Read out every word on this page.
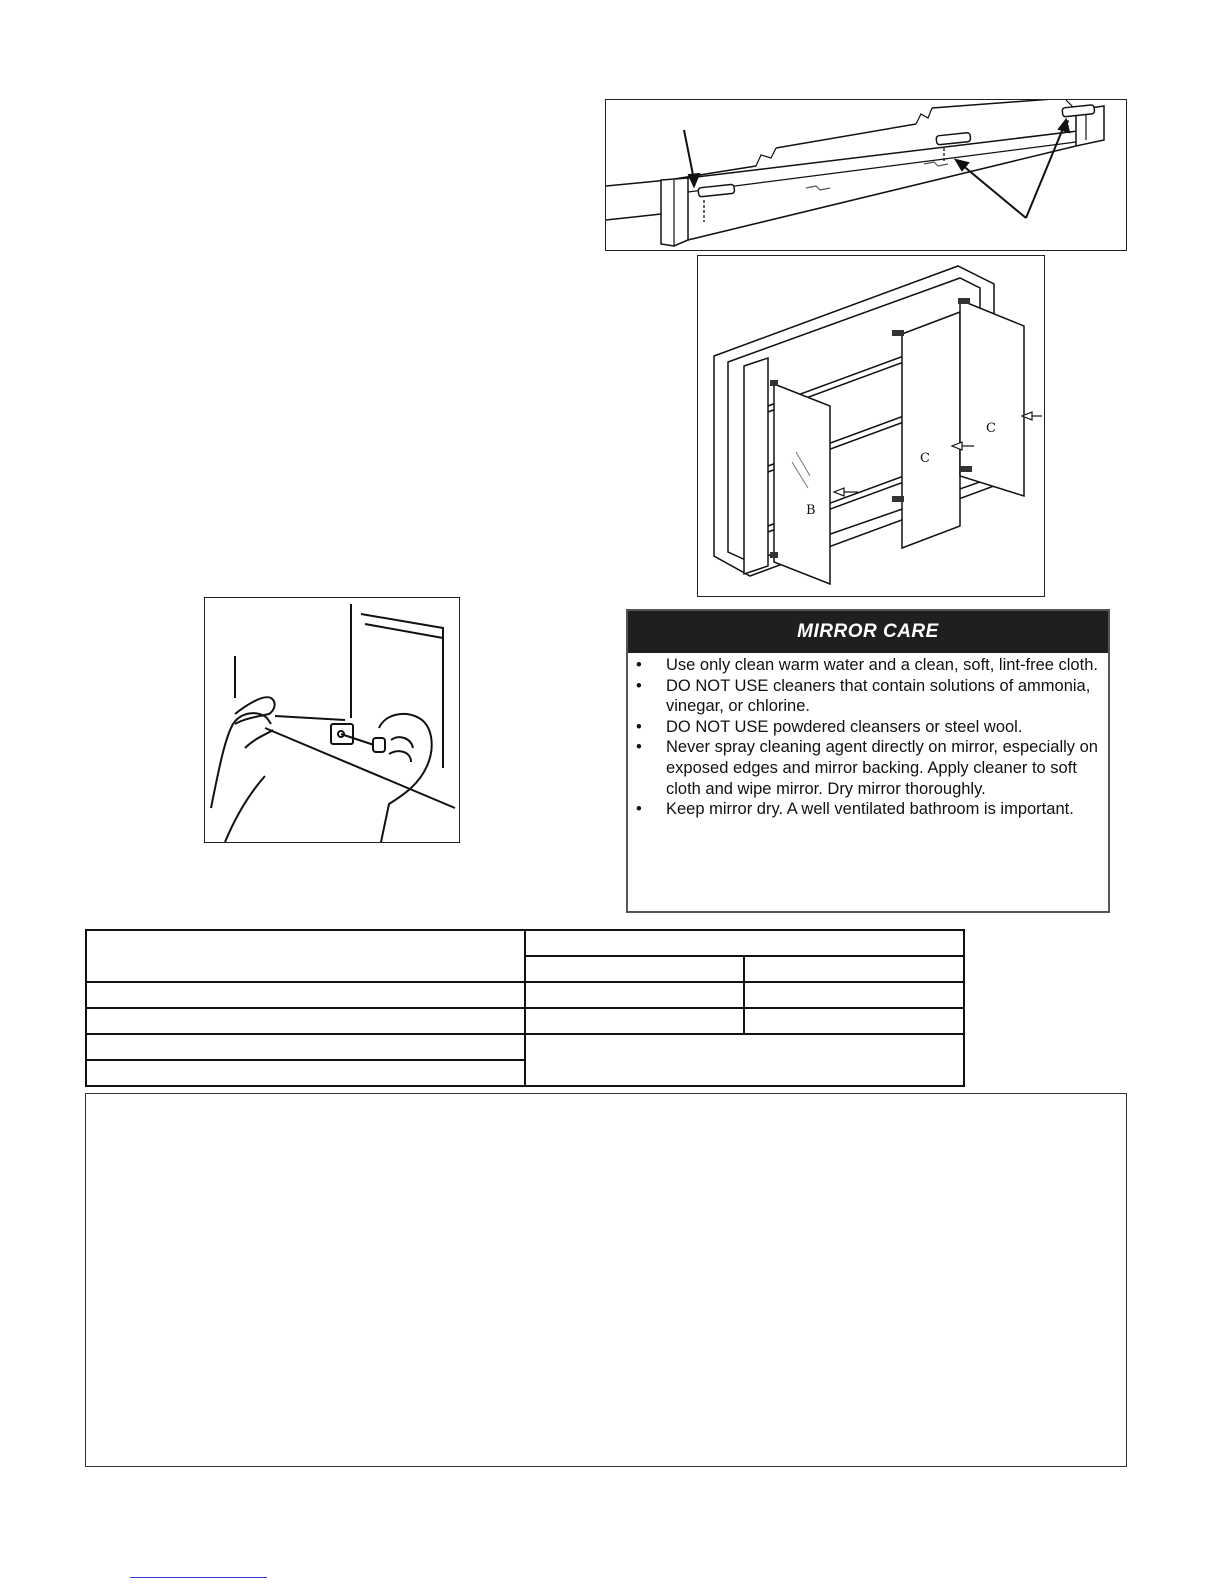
B
C
C
MIRROR CARE
• Use only clean warm water and a clean, soft, lint-free cloth.
• DO NOT USE cleaners that contain solutions of ammonia, vinegar, or chlorine.
• DO NOT USE powdered cleansers or steel wool.
• Never spray cleaning agent directly on mirror, especially on exposed edges and mirror backing. Apply cleaner to soft cloth and wipe mirror. Dry mirror thoroughly.
• Keep mirror dry. A well ventilated bathroom is important.
